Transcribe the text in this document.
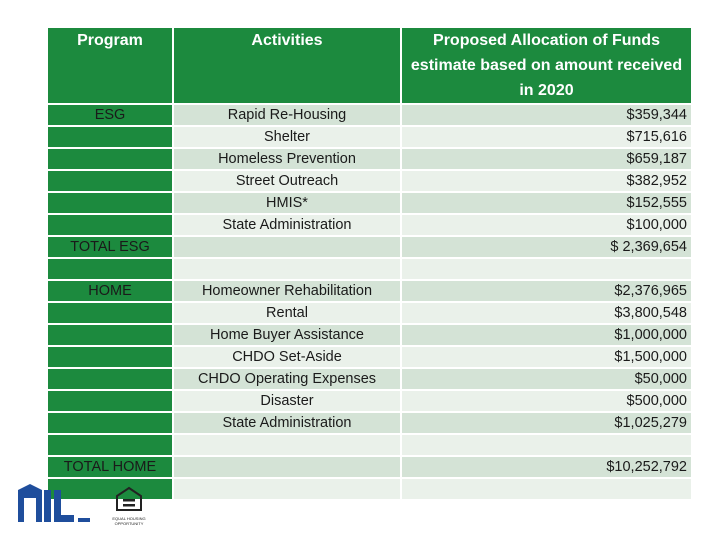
Program	Activities	Proposed Allocation of Funds estimate based on amount received in 2020
ESG	Rapid Re-Housing	$359,344
	Shelter	$715,616
	Homeless Prevention	$659,187
	Street Outreach	$382,952
	HMIS*	$152,555
	State Administration	$100,000
TOTAL ESG		$ 2,369,654

HOME	Homeowner Rehabilitation	$2,376,965
	Rental	$3,800,548
	Home Buyer Assistance	$1,000,000
	CHDO Set-Aside	$1,500,000
	CHDO Operating Expenses	$50,000
	Disaster	$500,000
	State Administration	$1,025,279

TOTAL HOME		$10,252,792

EQUAL HOUSING
OPPORTUNITY
